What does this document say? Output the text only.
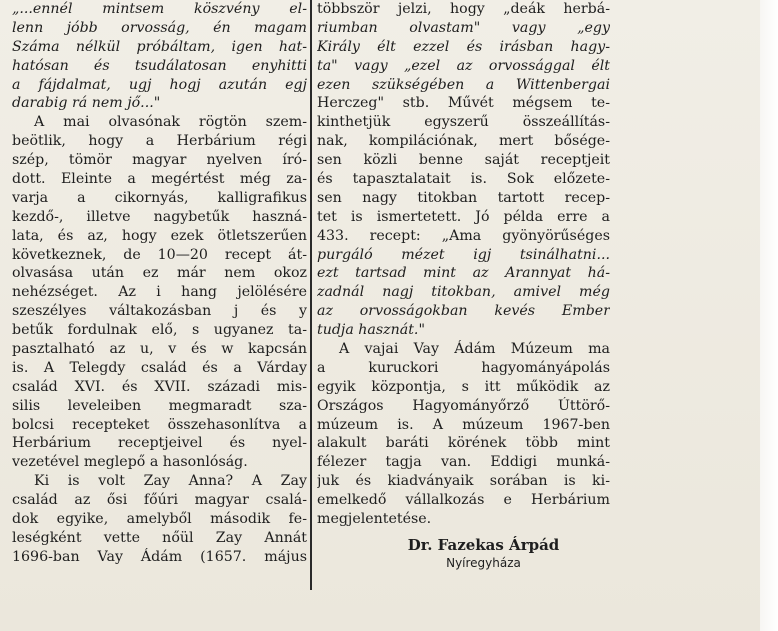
„...ennél mintsem köszvény el-
lenn jóbb orvosság, én magam
Száma nélkül próbáltam, igen hat-
hatósan és tsudálatosan enyhitti
a fájdalmat, ugj hogj azután egj
darabig rá nem jő..."
A mai olvasónak rögtön szem-
beötlik, hogy a Herbárium régi
szép, tömör magyar nyelven író-
dott. Eleinte a megértést még za-
varja a cikornyás, kalligrafikus
kezdő-, illetve nagybetűk haszná-
lata, és az, hogy ezek ötletszerűen
következnek, de 10—20 recept át-
olvasása után ez már nem okoz
nehézséget. Az i hang jelölésére
szeszélyes váltakozásban j és y
betűk fordulnak elő, s ugyanez ta-
pasztalható az u, v és w kapcsán
is. A Telegdy család és a Várday
család XVI. és XVII. századi mis-
silis leveleiben megmaradt sza-
bolcsi recepteket összehasonlítva a
Herbárium receptjeivel és nyel-
vezetével meglepő a hasonlóság.
Ki is volt Zay Anna? A Zay
család az ősi főúri magyar csalá-
dok egyike, amelyből második fe-
leségként vette nőül Zay Annát
1696-ban Vay Ádám (1657. május
többször jelzi, hogy „deák herbá-
riumban olvastam" vagy „egy
Király élt ezzel és irásban hagy-
ta" vagy „ezel az orvossággal élt
ezen szükségében a Wittenbergai
Herczeg" stb. Művét mégsem te-
kinthetjük egyszerű összeállítás-
nak, kompilációnak, mert bősége-
sen közli benne saját receptjeit
és tapasztalatait is. Sok előzete-
sen nagy titokban tartott recep-
tet is ismertetett. Jó példa erre a
433. recept: „Ama gyönyörűséges
purgáló mézet igj tsinálhatni...
ezt tartsad mint az Arannyat há-
zadnál nagj titokban, amivel még
az orvosságokban kevés Ember
tudja hasznát."
A vajai Vay Ádám Múzeum ma
a kuruckori hagyományápolás
egyik központja, s itt működik az
Országos Hagyományőrző Úttörő-
múzeum is. A múzeum 1967-ben
alakult baráti körének több mint
félezer tagja van. Eddigi munká-
juk és kiadványaik sorában is ki-
emelkedő vállalkozás e Herbárium
megjelentetése.
Dr. Fazekas Árpád
Nyíregyháza
